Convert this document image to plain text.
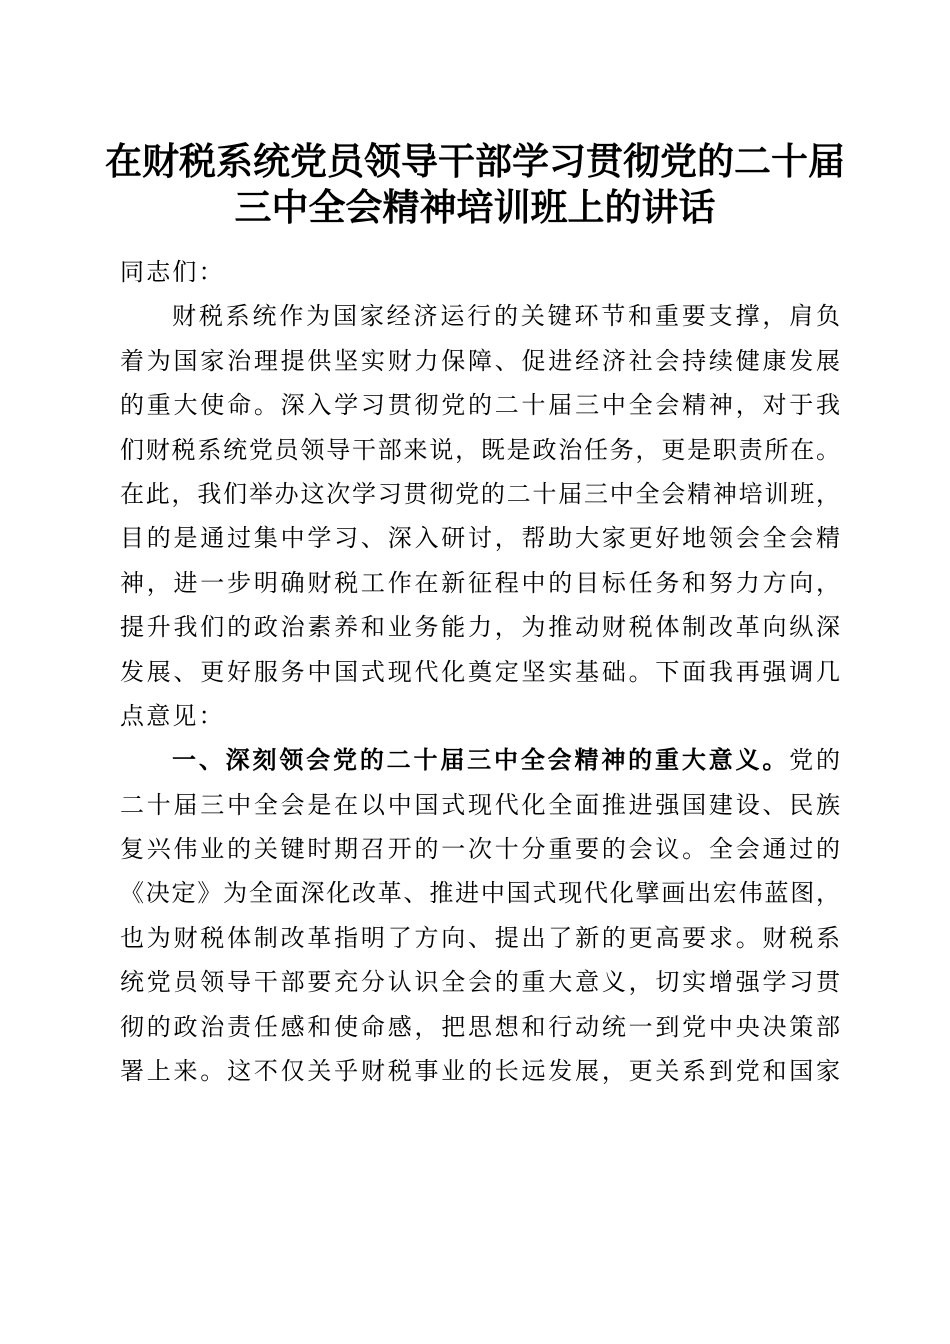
在财税系统党员领导干部学习贯彻党的二十届
三中全会精神培训班上的讲话
同志们：
财税系统作为国家经济运行的关键环节和重要支撑，肩负
着为国家治理提供坚实财力保障、促进经济社会持续健康发展
的重大使命。深入学习贯彻党的二十届三中全会精神，对于我
们财税系统党员领导干部来说，既是政治任务，更是职责所在。
在此，我们举办这次学习贯彻党的二十届三中全会精神培训班，
目的是通过集中学习、深入研讨，帮助大家更好地领会全会精
神，进一步明确财税工作在新征程中的目标任务和努力方向，
提升我们的政治素养和业务能力，为推动财税体制改革向纵深
发展、更好服务中国式现代化奠定坚实基础。下面我再强调几
点意见：
一、深刻领会党的二十届三中全会精神的重大意义。党的
二十届三中全会是在以中国式现代化全面推进强国建设、民族
复兴伟业的关键时期召开的一次十分重要的会议。全会通过的
《决定》为全面深化改革、推进中国式现代化擘画出宏伟蓝图，
也为财税体制改革指明了方向、提出了新的更高要求。财税系
统党员领导干部要充分认识全会的重大意义，切实增强学习贯
彻的政治责任感和使命感，把思想和行动统一到党中央决策部
署上来。这不仅关乎财税事业的长远发展，更关系到党和国家
